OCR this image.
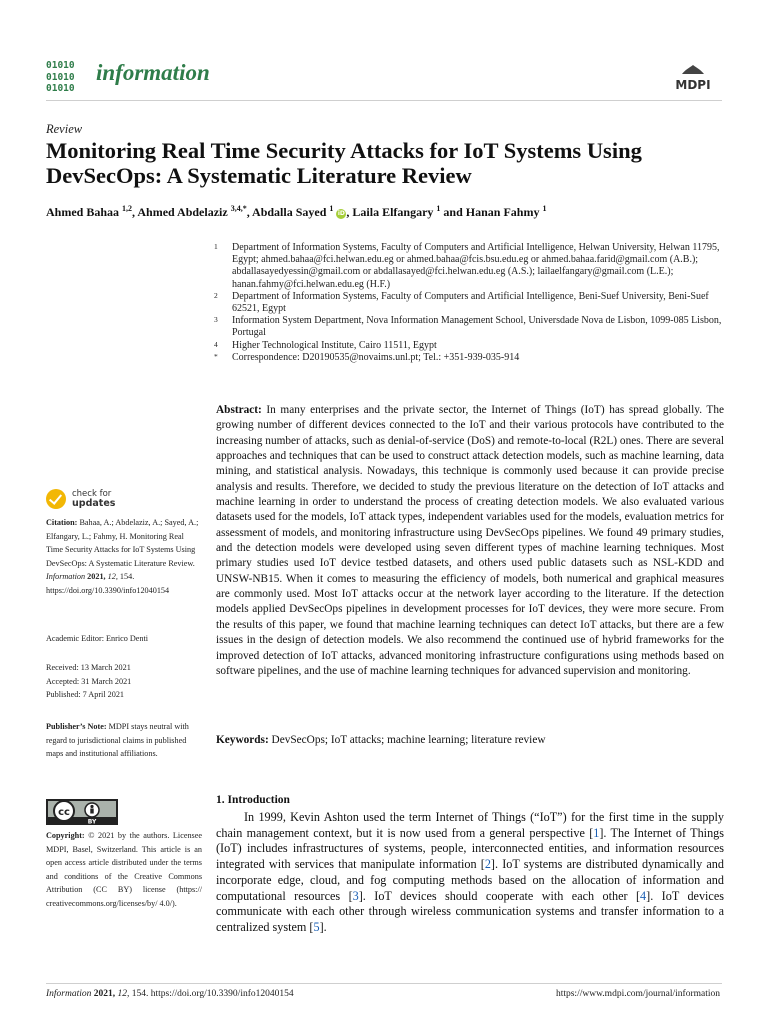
01010
01010
01010
information	MDPI
Review
Monitoring Real Time Security Attacks for IoT Systems Using DevSecOps: A Systematic Literature Review
Ahmed Bahaa $^{1,2}$, Ahmed Abdelaziz $^{3,4,*}$, Abdalla Sayed $^1$ iD, Laila Elfangary $^1$ and Hanan Fahmy $^1$
1	Department of Information Systems, Faculty of Computers and Artificial Intelligence, Helwan University, Helwan 11795, Egypt; ahmed.bahaa@fci.helwan.edu.eg or ahmed.bahaa@fcis.bsu.edu.eg or ahmed.bahaa.farid@gmail.com (A.B.); abdallasayedyessin@gmail.com or abdallasayed@fci.helwan.edu.eg (A.S.); lailaelfangary@gmail.com (L.E.); hanan.fahmy@fci.helwan.edu.eg (H.F.)
2	Department of Information Systems, Faculty of Computers and Artificial Intelligence, Beni-Suef University, Beni-Suef 62521, Egypt
3	Information System Department, Nova Information Management School, Universdade Nova de Lisbon, 1099-085 Lisbon, Portugal
4	Higher Technological Institute, Cairo 11511, Egypt
*	Correspondence: D20190535@novaims.unl.pt; Tel.: +351-939-035-914
check for
updates
Citation: Bahaa, A.; Abdelaziz, A.; Sayed, A.; Elfangary, L.; Fahmy, H. Monitoring Real Time Security Attacks for IoT Systems Using DevSecOps: A Systematic Literature Review. Information 2021, 12, 154. https://doi.org/10.3390/info12040154
Academic Editor: Enrico Denti
Received: 13 March 2021
Accepted: 31 March 2021
Published: 7 April 2021
Publisher’s Note: MDPI stays neutral with regard to jurisdictional claims in published maps and institutional affiliations.
cc
BY
Copyright: © 2021 by the authors. Licensee MDPI, Basel, Switzerland. This article is an open access article distributed under the terms and conditions of the Creative Commons Attribution (CC BY) license (https:// creativecommons.org/licenses/by/ 4.0/).
Abstract: In many enterprises and the private sector, the Internet of Things (IoT) has spread globally. The growing number of different devices connected to the IoT and their various protocols have contributed to the increasing number of attacks, such as denial-of-service (DoS) and remote-to-local (R2L) ones. There are several approaches and techniques that can be used to construct attack detection models, such as machine learning, data mining, and statistical analysis. Nowadays, this technique is commonly used because it can provide precise analysis and results. Therefore, we decided to study the previous literature on the detection of IoT attacks and machine learning in order to understand the process of creating detection models. We also evaluated various datasets used for the models, IoT attack types, independent variables used for the models, evaluation metrics for assessment of models, and monitoring infrastructure using DevSecOps pipelines. We found 49 primary studies, and the detection models were developed using seven different types of machine learning techniques. Most primary studies used IoT device testbed datasets, and others used public datasets such as NSL-KDD and UNSW-NB15. When it comes to measuring the efficiency of models, both numerical and graphical measures are commonly used. Most IoT attacks occur at the network layer according to the literature. If the detection models applied DevSecOps pipelines in development processes for IoT devices, they were more secure. From the results of this paper, we found that machine learning techniques can detect IoT attacks, but there are a few issues in the design of detection models. We also recommend the continued use of hybrid frameworks for the improved detection of IoT attacks, advanced monitoring infrastructure configurations using methods based on software pipelines, and the use of machine learning techniques for advanced supervision and monitoring.
Keywords: DevSecOps; IoT attacks; machine learning; literature review
1. Introduction
In 1999, Kevin Ashton used the term Internet of Things (“IoT”) for the first time in the supply chain management context, but it is now used from a general perspective [1]. The Internet of Things (IoT) includes infrastructures of systems, people, interconnected entities, and information resources integrated with services that manipulate information [2]. IoT systems are distributed dynamically and incorporate edge, cloud, and fog computing methods based on the allocation of information and computational resources [3]. IoT devices should cooperate with each other [4]. IoT devices communicate with each other through wireless communication systems and transfer information to a centralized system [5].
Information 2021, 12, 154. https://doi.org/10.3390/info12040154	https://www.mdpi.com/journal/information
